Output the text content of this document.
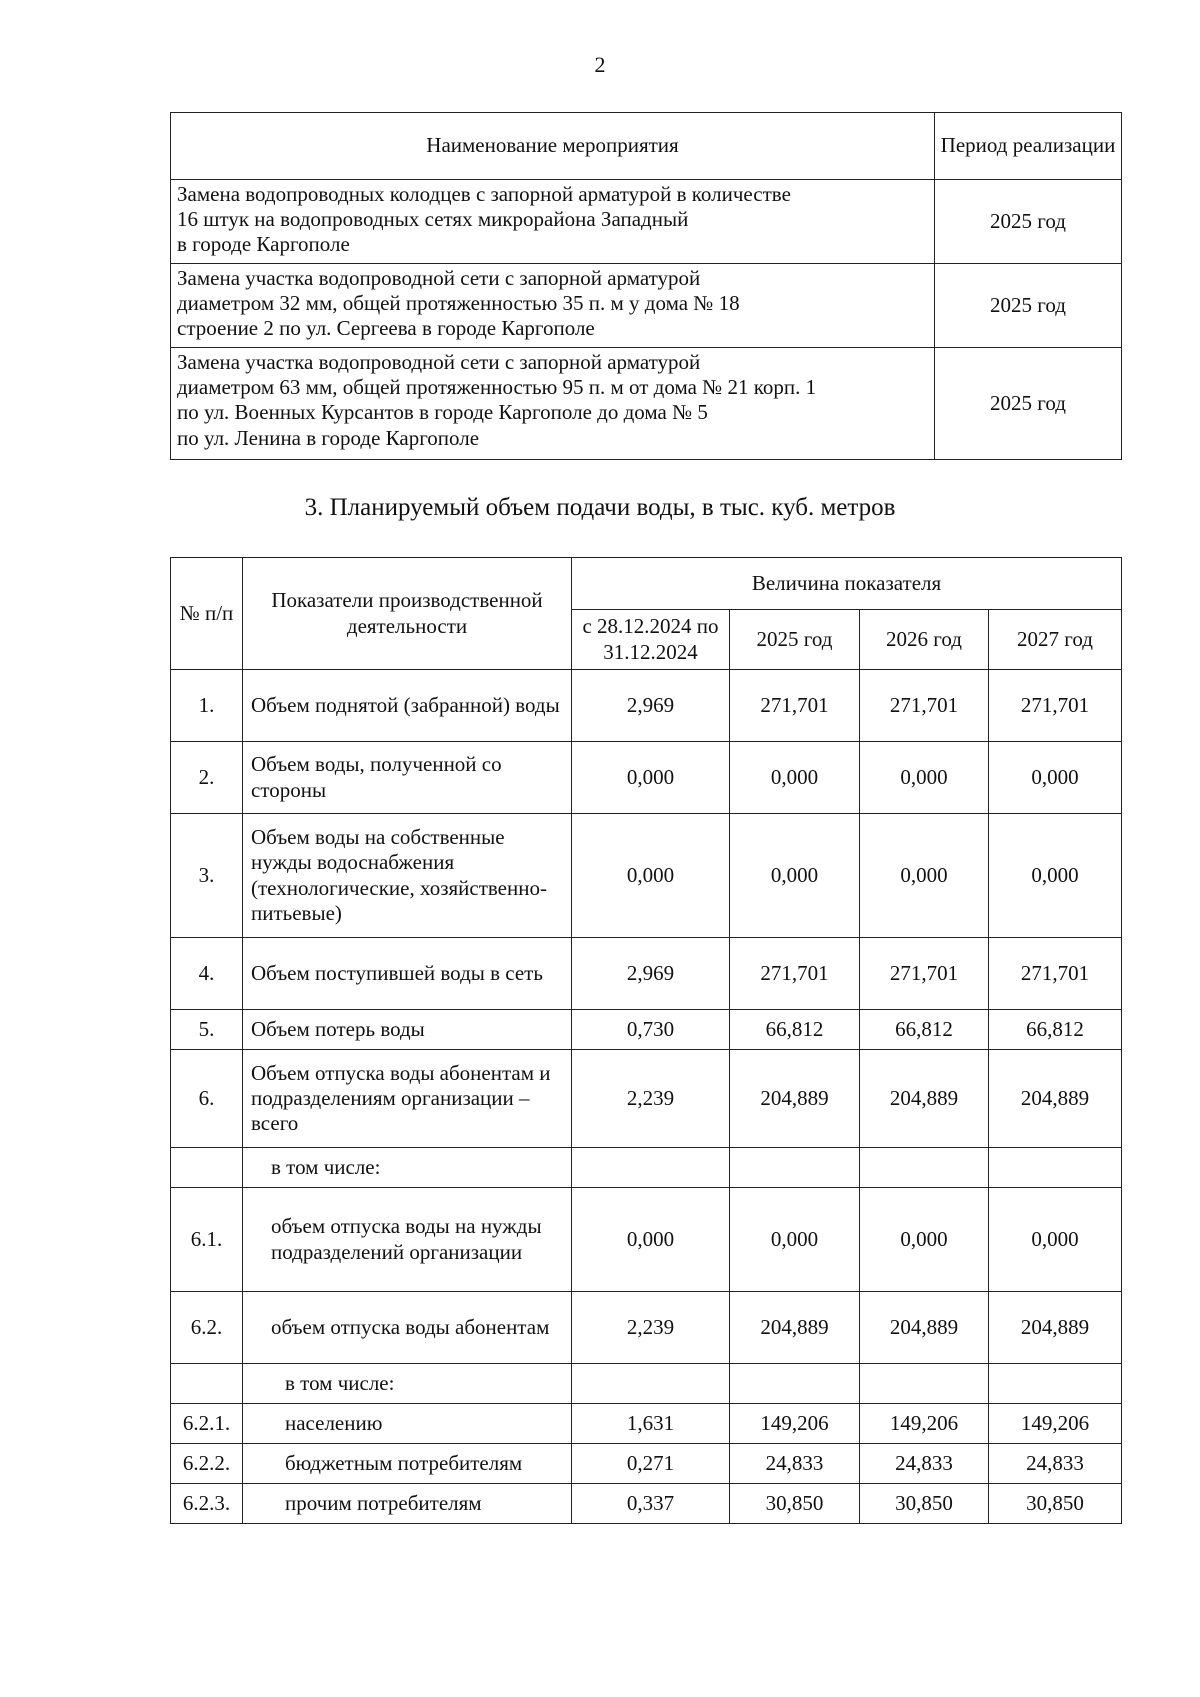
2
Наименование мероприятия	Период реализации

Замена водопроводных колодцев с запорной арматурой в количестве
16 штук на водопроводных сетях микрорайона Западный
в городе Каргополе	2025 год

Замена участка водопроводной сети с запорной арматурой
диаметром 32 мм, общей протяженностью 35 п. м у дома № 18
строение 2 по ул. Сергеева в городе Каргополе	2025 год

Замена участка водопроводной сети с запорной арматурой
диаметром 63 мм, общей протяженностью 95 п. м от дома № 21 корп. 1
по ул. Военных Курсантов в городе Каргополе до дома № 5
по ул. Ленина в городе Каргополе	2025 год
3. Планируемый объем подачи воды, в тыс. куб. метров
№ п/п	Показатели производственной деятельности	Величина показателя			
		с 28.12.2024 по 31.12.2024	2025 год	2026 год	2027 год
1.	Объем поднятой (забранной) воды	2,969	271,701	271,701	271,701
2.	Объем воды, полученной со стороны	0,000	0,000	0,000	0,000
3.	Объем воды на собственные нужды водоснабжения (технологические, хозяйственно-питьевые)	0,000	0,000	0,000	0,000
4.	Объем поступившей воды в сеть	2,969	271,701	271,701	271,701
5.	Объем потерь воды	0,730	66,812	66,812	66,812
6.	Объем отпуска воды абонентам и подразделениям организации – всего	2,239	204,889	204,889	204,889
	в том числе:				
6.1.	объем отпуска воды на нужды подразделений организации	0,000	0,000	0,000	0,000
6.2.	объем отпуска воды абонентам	2,239	204,889	204,889	204,889
	в том числе:				
6.2.1.	населению	1,631	149,206	149,206	149,206
6.2.2.	бюджетным потребителям	0,271	24,833	24,833	24,833
6.2.3.	прочим потребителям	0,337	30,850	30,850	30,850
